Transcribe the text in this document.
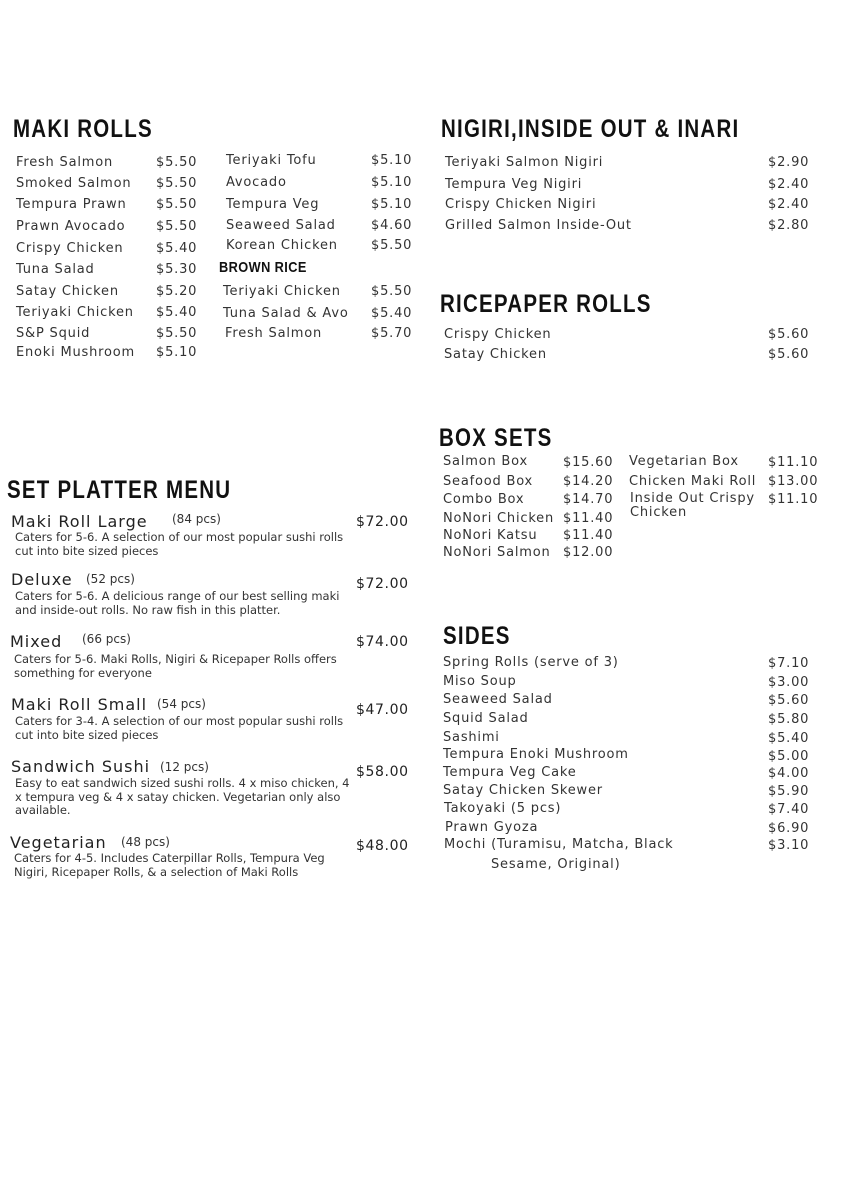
MAKI ROLLS
Fresh Salmon	$5.50
Smoked Salmon $5.50
Tempura Prawn $5.50
Prawn Avocado $5.50
Crispy Chicken	$5.40
Tuna Salad	$5.30
Satay Chicken	$5.20
Teriyaki Chicken $5.40
S&P Squid	$5.50
Enoki Mushroom $5.10
Teriyaki Tofu	$5.10
Avocado	$5.10
Tempura Veg	$5.10
Seaweed Salad	$4.60
Korean Chicken	$5.50
BROWN RICE
Teriyaki Chicken $5.50
Tuna Salad & Avo $5.40
Fresh Salmon	$5.70
NIGIRI,INSIDE OUT & INARI
Teriyaki Salmon Nigiri	$2.90
Tempura Veg Nigiri	$2.40
Crispy Chicken Nigiri	$2.40
Grilled Salmon Inside-Out	$2.80
RICEPAPER ROLLS
Crispy Chicken	$5.60
Satay Chicken	$5.60
BOX SETS
Salmon Box	$15.60
Seafood Box $14.20
Combo Box	$14.70
NoNori Chicken $11.40
NoNori Katsu $11.40
NoNori Salmon $12.00
Vegetarian Box $11.10
Chicken Maki Roll $13.00
Inside Out Crispy Chicken
$11.10
SET PLATTER MENU
Maki Roll Large (84 pcs)	$72.00
Caters for 5-6. A selection of our most popular sushi rolls cut into bite sized pieces
Deluxe (52 pcs)	$72.00
Caters for 5-6. A delicious range of our best selling maki and inside-out rolls. No raw fish in this platter.
Mixed (66 pcs)	$74.00
Caters for 5-6. Maki Rolls, Nigiri & Ricepaper Rolls offers something for everyone
Maki Roll Small (54 pcs)	$47.00
Caters for 3-4. A selection of our most popular sushi rolls cut into bite sized pieces
Sandwich Sushi (12 pcs)	$58.00
Easy to eat sandwich sized sushi rolls. 4 x miso chicken, 4 x tempura veg & 4 x satay chicken. Vegetarian only also available.
Vegetarian (48 pcs)	$48.00
Caters for 4-5. Includes Caterpillar Rolls, Tempura Veg Nigiri, Ricepaper Rolls, & a selection of Maki Rolls
SIDES
Spring Rolls (serve of 3)	$7.10
Miso Soup	$3.00
Seaweed Salad	$5.60
Squid Salad	$5.80
Sashimi	$5.40
Tempura Enoki Mushroom	$5.00
Tempura Veg Cake	$4.00
Satay Chicken Skewer	$5.90
Takoyaki (5 pcs)	$7.40
Prawn Gyoza	$6.90
Mochi (Turamisu, Matcha, Black	$3.10
Sesame, Original)
